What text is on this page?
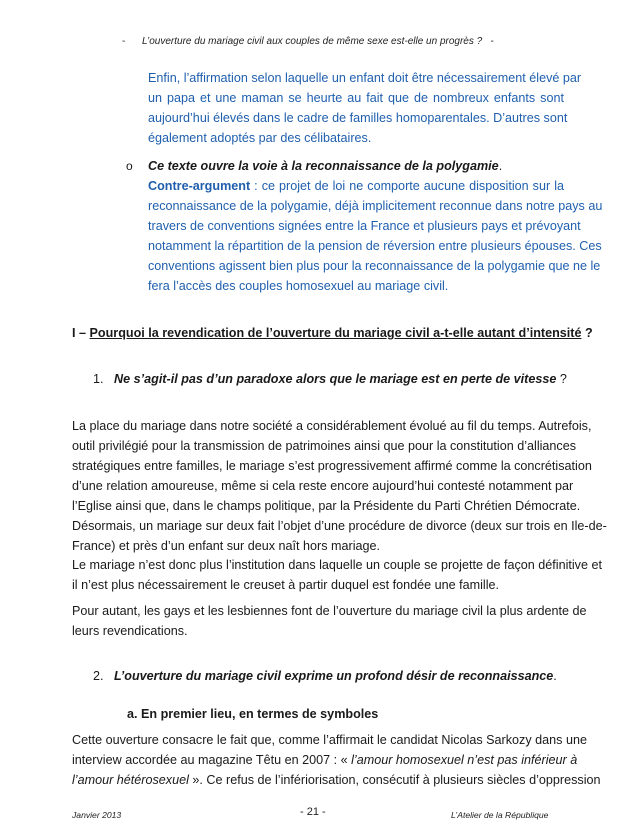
- L’ouverture du mariage civil aux couples de même sexe est-elle un progrès ? -
Enfin, l’affirmation selon laquelle un enfant doit être nécessairement élevé par
un papa et une maman se heurte au fait que de nombreux enfants sont
aujourd’hui élevés dans le cadre de familles homoparentales. D’autres sont
également adoptés par des célibataires.
o Ce texte ouvre la voie à la reconnaissance de la polygamie.
Contre-argument : ce projet de loi ne comporte aucune disposition sur la
reconnaissance de la polygamie, déjà implicitement reconnue dans notre pays au
travers de conventions signées entre la France et plusieurs pays et prévoyant
notamment la répartition de la pension de réversion entre plusieurs épouses. Ces
conventions agissent bien plus pour la reconnaissance de la polygamie que ne le
fera l’accès des couples homosexuel au mariage civil.
I – Pourquoi la revendication de l’ouverture du mariage civil a-t-elle autant d’intensité ?
1. Ne s’agit-il pas d’un paradoxe alors que le mariage est en perte de vitesse ?
La place du mariage dans notre société a considérablement évolué au fil du temps. Autrefois,
outil privilégié pour la transmission de patrimoines ainsi que pour la constitution d’alliances
stratégiques entre familles, le mariage s’est progressivement affirmé comme la concrétisation
d’une relation amoureuse, même si cela reste encore aujourd’hui contesté notamment par
l’Eglise ainsi que, dans le champs politique, par la Présidente du Parti Chrétien Démocrate.
Désormais, un mariage sur deux fait l’objet d’une procédure de divorce (deux sur trois en Ile-de-
France) et près d’un enfant sur deux naît hors mariage.
Le mariage n’est donc plus l’institution dans laquelle un couple se projette de façon définitive et
il n’est plus nécessairement le creuset à partir duquel est fondée une famille.
Pour autant, les gays et les lesbiennes font de l’ouverture du mariage civil la plus ardente de
leurs revendications.
2. L’ouverture du mariage civil exprime un profond désir de reconnaissance.
a. En premier lieu, en termes de symboles
Cette ouverture consacre le fait que, comme l’affirmait le candidat Nicolas Sarkozy dans une
interview accordée au magazine Têtu en 2007 : « l’amour homosexuel n’est pas inférieur à
l’amour hétérosexuel ». Ce refus de l’infériorisation, consécutif à plusieurs siècles d’oppression
Janvier 2013	- 21 -	L’Atelier de la République
